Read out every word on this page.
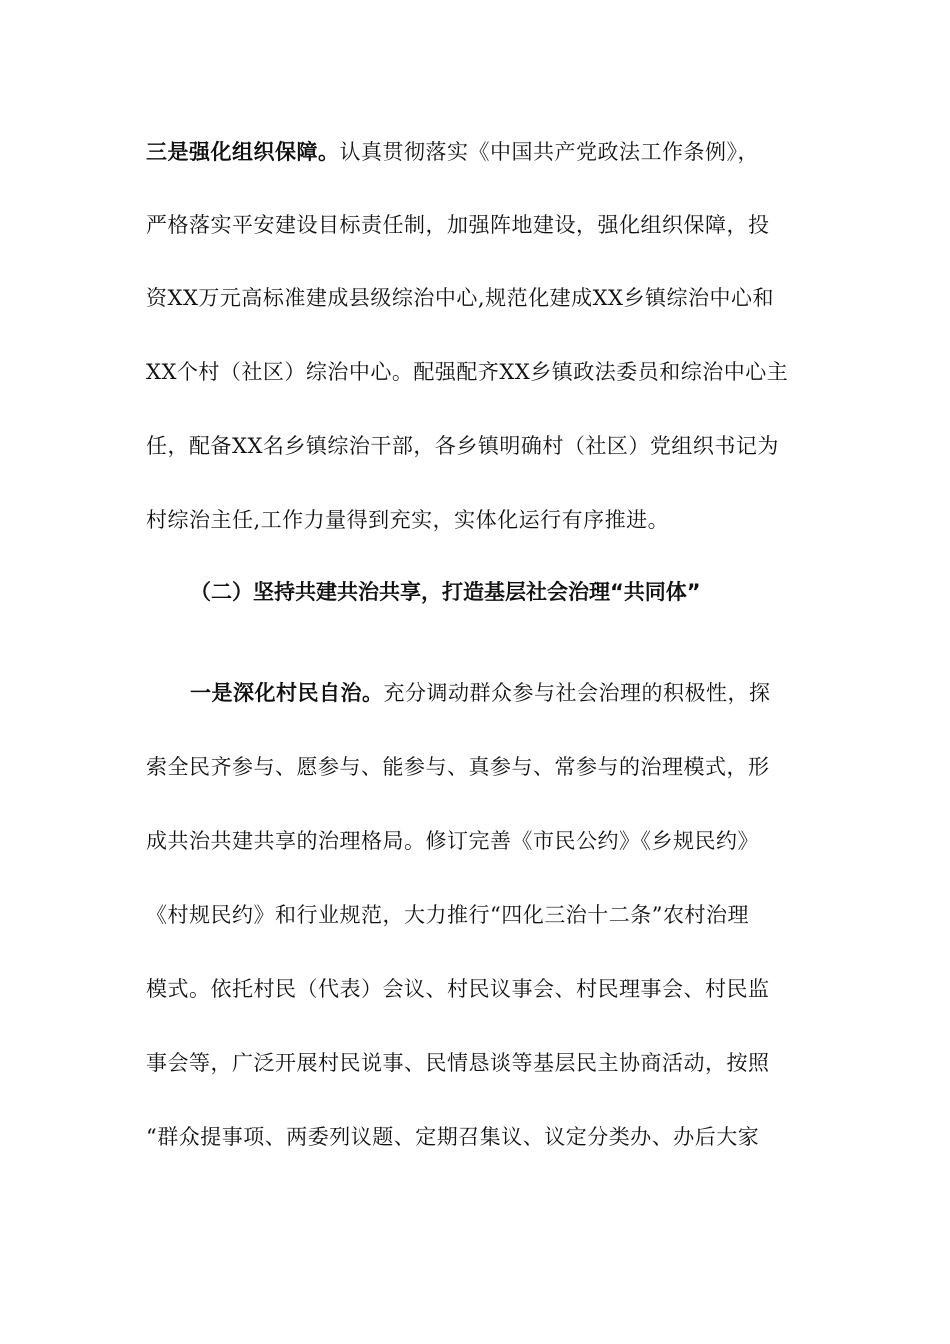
三是强化组织保障。认真贯彻落实《中国共产党政法工作条例》，
严格落实平安建设目标责任制，加强阵地建设，强化组织保障，投
资XX万元高标准建成县级综治中心,规范化建成XX乡镇综治中心和
XX个村（社区）综治中心。配强配齐XX乡镇政法委员和综治中心主
任，配备XX名乡镇综治干部，各乡镇明确村（社区）党组织书记为
村综治主任,工作力量得到充实，实体化运行有序推进。
（二）坚持共建共治共享，打造基层社会治理“共同体”
一是深化村民自治。充分调动群众参与社会治理的积极性，探
索全民齐参与、愿参与、能参与、真参与、常参与的治理模式，形
成共治共建共享的治理格局。修订完善《市民公约》《乡规民约》
《村规民约》和行业规范，大力推行“四化三治十二条”农村治理
模式。依托村民（代表）会议、村民议事会、村民理事会、村民监
事会等，广泛开展村民说事、民情恳谈等基层民主协商活动，按照
“群众提事项、两委列议题、定期召集议、议定分类办、办后大家
